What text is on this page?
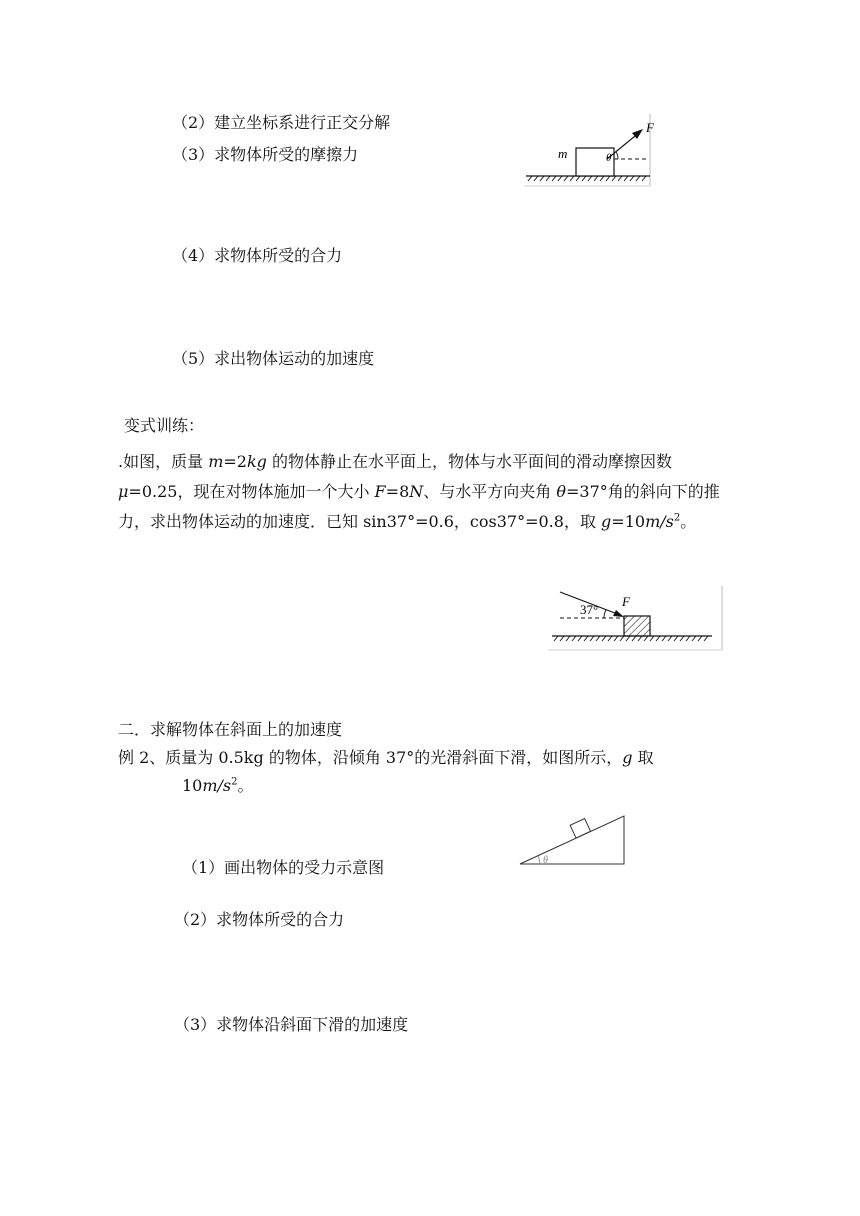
（2）建立坐标系进行正交分解
（3）求物体所受的摩擦力	m
F
θ
（4）求物体所受的合力
（5）求出物体运动的加速度
变式训练：
.如图，质量 m=2kg 的物体静止在水平面上，物体与水平面间的滑动摩擦因数 μ=0.25，现在对物体施加一个大小 F=8N、与水平方向夹角 θ=37°角的斜向下的推力，求出物体运动的加速度．已知 sin37°=0.6，cos37°=0.8，取 $g=10m/s^2$。
37°
F
二．求解物体在斜面上的加速度
例 2、质量为 0.5kg 的物体，沿倾角 37°的光滑斜面下滑，如图所示，g 取
$10m/s^2$。
θ
（1）画出物体的受力示意图
（2）求物体所受的合力
（3）求物体沿斜面下滑的加速度
